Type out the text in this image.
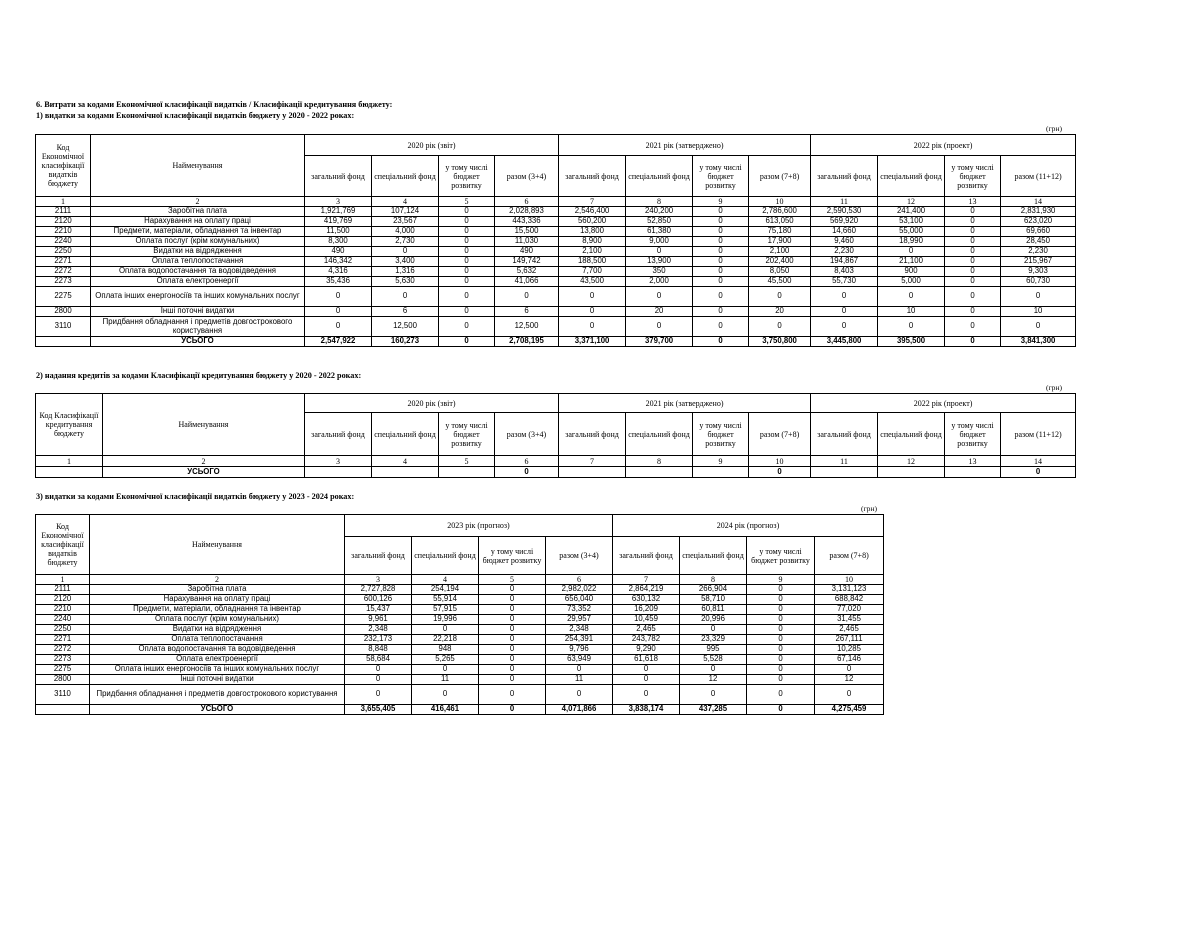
6. Витрати за кодами Економічної класифікації видатків / Класифікації кредитування бюджету:
1) видатки за кодами Економічної класифікації видатків бюджету у 2020 - 2022 роках:
(грн)
Код Економічної класифікації видатків бюджету	Найменування	2020 рік (звіт)				2021 рік (затверджено)				2022 рік (проект)			
		загальний фонд	спеціальний фонд	у тому числі бюджет розвитку	разом (3+4)	загальний фонд	спеціальний фонд	у тому числі бюджет розвитку	разом (7+8)	загальний фонд	спеціальний фонд	у тому числі бюджет розвитку	разом (11+12)
1	2	3	4	5	6	7	8	9	10	11	12	13	14
2111	Заробітна плата	1,921,769	107,124	0	2,028,893	2,546,400	240,200	0	2,786,600	2,590,530	241,400	0	2,831,930
2120	Нарахування на оплату праці	419,769	23,567	0	443,336	560,200	52,850	0	613,050	569,920	53,100	0	623,020
2210	Предмети, матеріали, обладнання та інвентар	11,500	4,000	0	15,500	13,800	61,380	0	75,180	14,660	55,000	0	69,660
2240	Оплата послуг (крім комунальних)	8,300	2,730	0	11,030	8,900	9,000	0	17,900	9,460	18,990	0	28,450
2250	Видатки на відрядження	490	0	0	490	2,100	0	0	2,100	2,230	0	0	2,230
2271	Оплата теплопостачання	146,342	3,400	0	149,742	188,500	13,900	0	202,400	194,867	21,100	0	215,967
2272	Оплата водопостачання та водовідведення	4,316	1,316	0	5,632	7,700	350	0	8,050	8,403	900	0	9,303
2273	Оплата електроенергії	35,436	5,630	0	41,066	43,500	2,000	0	45,500	55,730	5,000	0	60,730
2275	Оплата інших енергоносіїв та інших комунальних послуг	0	0	0	0	0	0	0	0	0	0	0	0
2800	Інші поточні видатки	0	6	0	6	0	20	0	20	0	10	0	10
3110	Придбання обладнання і предметів довгострокового користування	0	12,500	0	12,500	0	0	0	0	0	0	0	0
	УСЬОГО	2,547,922	160,273	0	2,708,195	3,371,100	379,700	0	3,750,800	3,445,800	395,500	0	3,841,300
2) надання кредитів за кодами Класифікації кредитування бюджету у 2020 - 2022 роках:
(грн)
Код Класифікації кредитування бюджету	Найменування	2020 рік (звіт)				2021 рік (затверджено)				2022 рік (проект)			
		загальний фонд	спеціальний фонд	у тому числі бюджет розвитку	разом (3+4)	загальний фонд	спеціальний фонд	у тому числі бюджет розвитку	разом (7+8)	загальний фонд	спеціальний фонд	у тому числі бюджет розвитку	разом (11+12)
1	2	3	4	5	6	7	8	9	10	11	12	13	14
	УСЬОГО				0				0				0
3) видатки за кодами Економічної класифікації видатків бюджету у 2023 - 2024 роках:
(грн)
Код Економічної класифікації видатків бюджету	Найменування	2023 рік (прогноз)				2024 рік (прогноз)			
		загальний фонд	спеціальний фонд	у тому числі бюджет розвитку	разом (3+4)	загальний фонд	спеціальний фонд	у тому числі бюджет розвитку	разом (7+8)
1	2	3	4	5	6	7	8	9	10
2111	Заробітна плата	2,727,828	254,194	0	2,982,022	2,864,219	266,904	0	3,131,123
2120	Нарахування на оплату праці	600,126	55,914	0	656,040	630,132	58,710	0	688,842
2210	Предмети, матеріали, обладнання та інвентар	15,437	57,915	0	73,352	16,209	60,811	0	77,020
2240	Оплата послуг (крім комунальних)	9,961	19,996	0	29,957	10,459	20,996	0	31,455
2250	Видатки на відрядження	2,348	0	0	2,348	2,465	0	0	2,465
2271	Оплата теплопостачання	232,173	22,218	0	254,391	243,782	23,329	0	267,111
2272	Оплата водопостачання та водовідведення	8,848	948	0	9,796	9,290	995	0	10,285
2273	Оплата електроенергії	58,684	5,265	0	63,949	61,618	5,528	0	67,146
2275	Оплата інших енергоносіїв та інших комунальних послуг	0	0	0	0	0	0	0	0
2800	Інші поточні видатки	0	11	0	11	0	12	0	12
3110	Придбання обладнання і предметів довгострокового користування	0	0	0	0	0	0	0	0
	УСЬОГО	3,655,405	416,461	0	4,071,866	3,838,174	437,285	0	4,275,459
